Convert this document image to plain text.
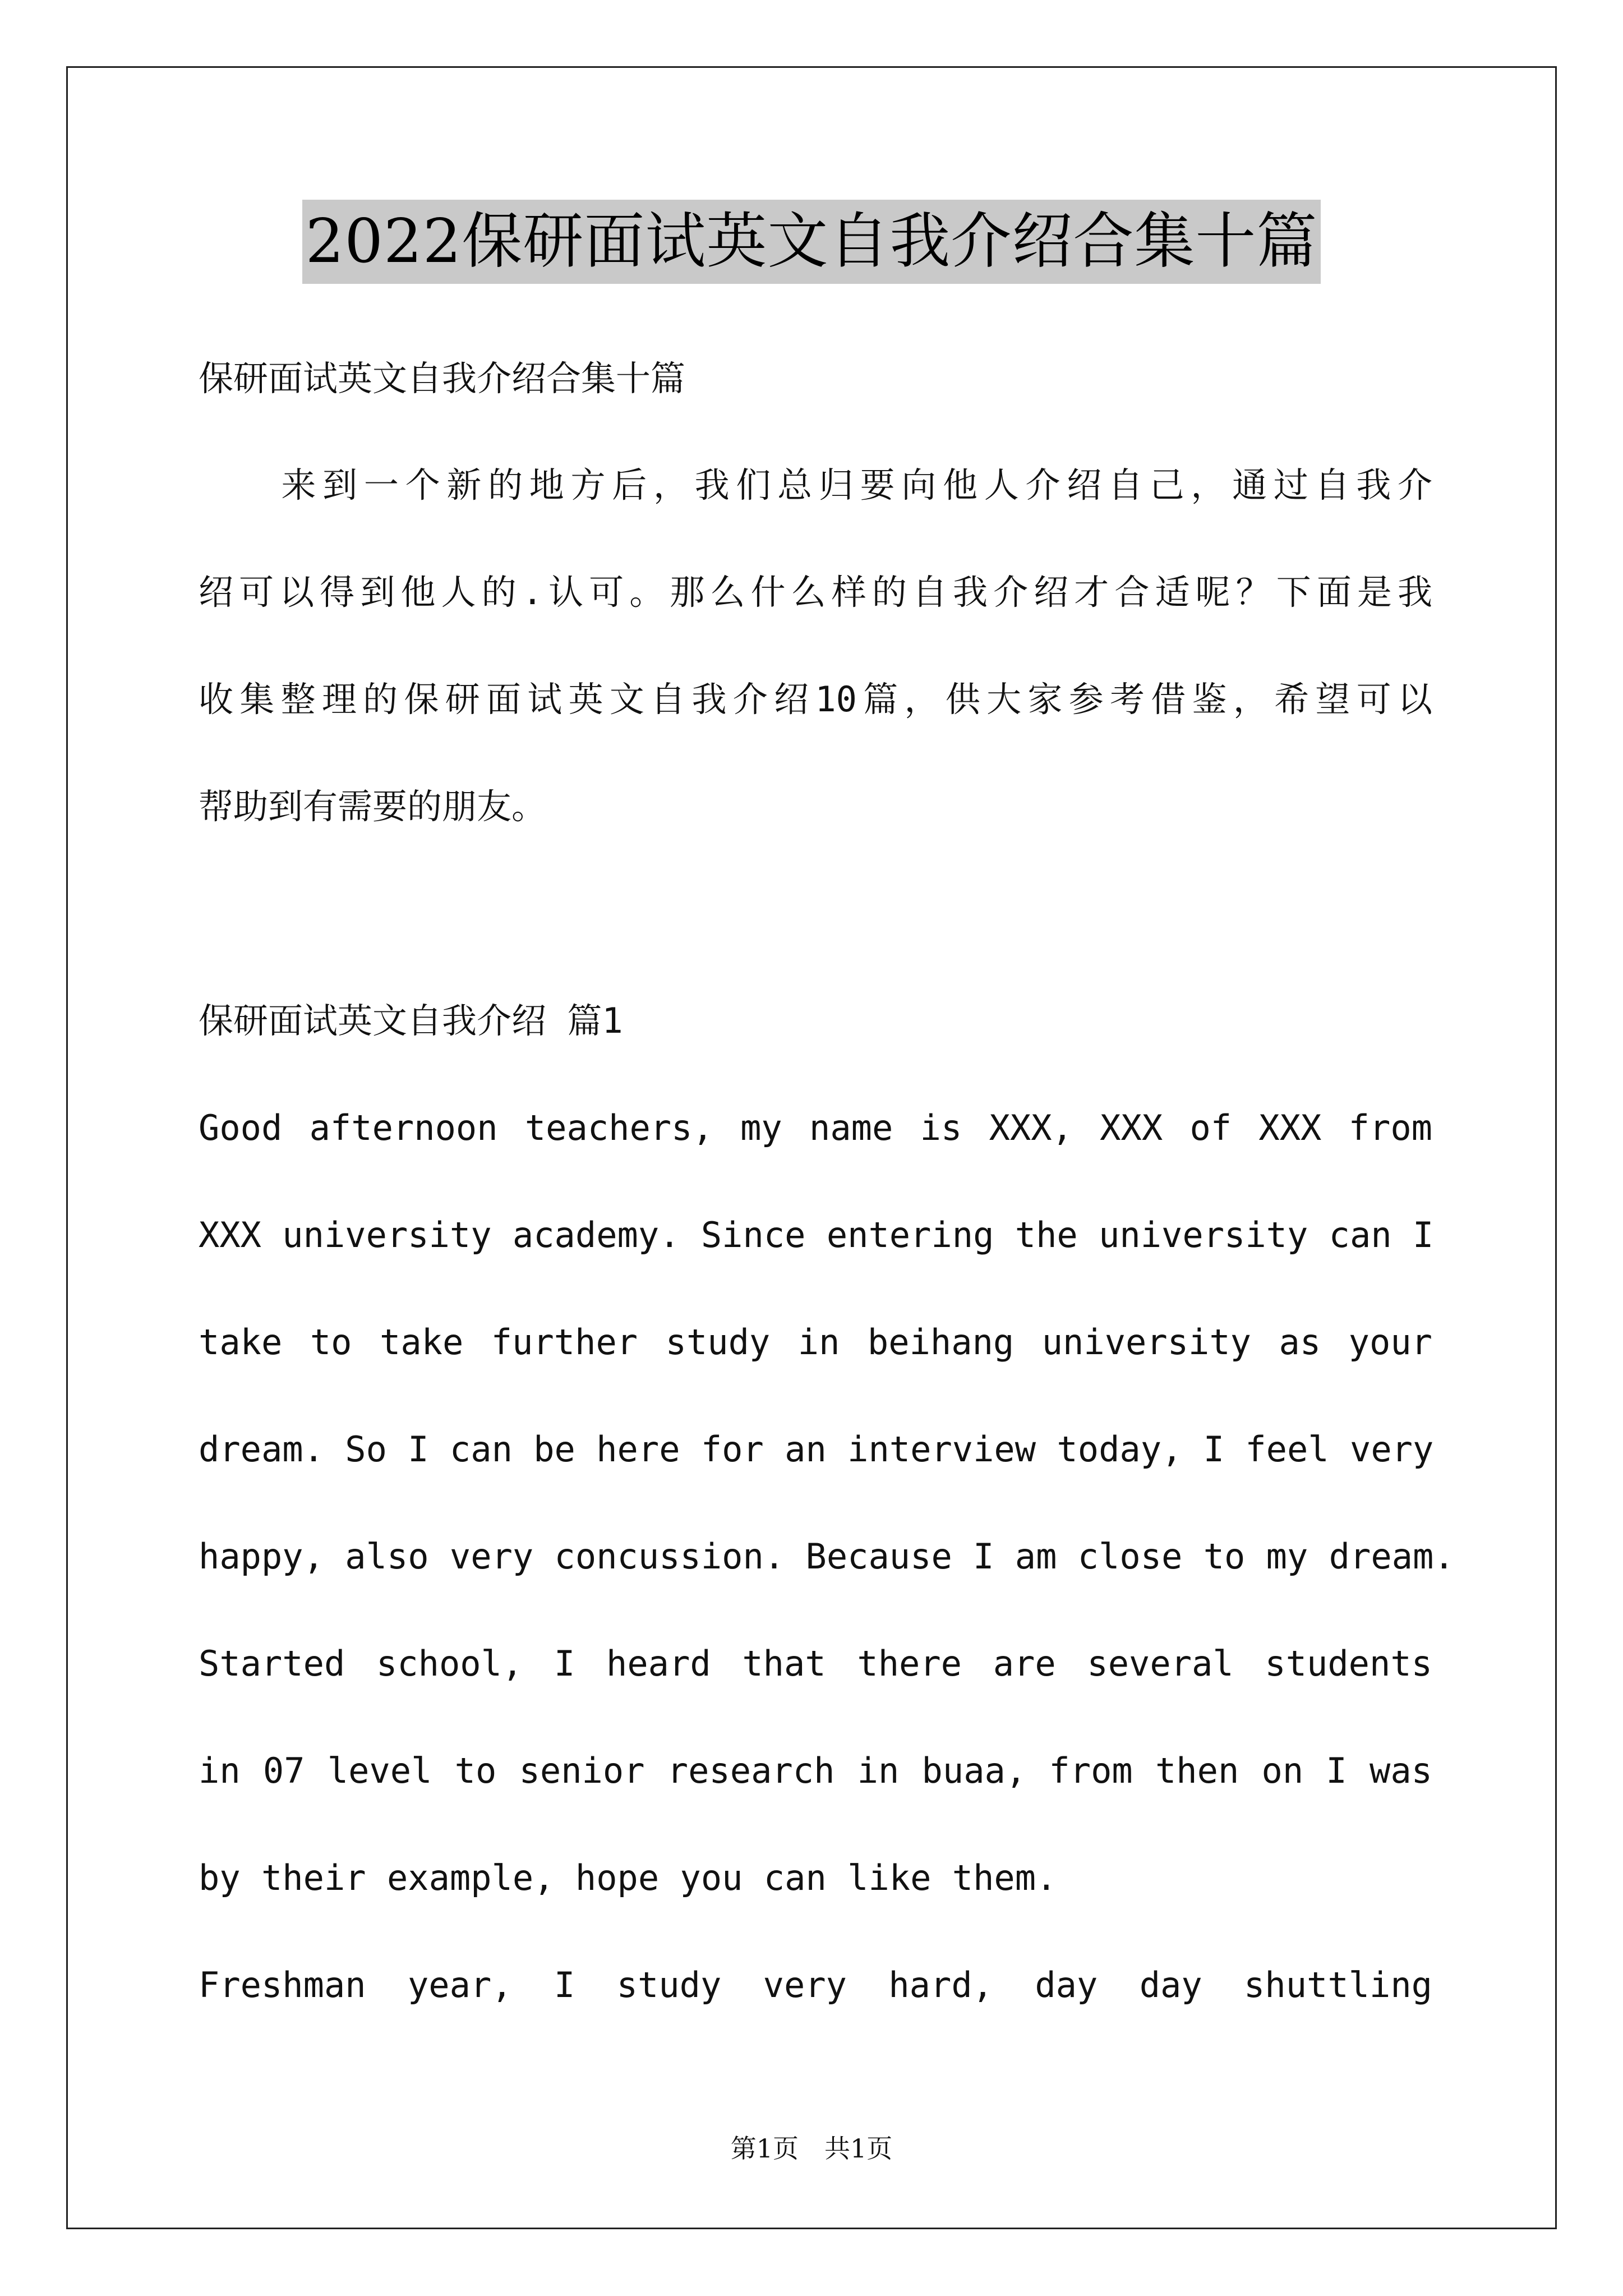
2022保研面试英文自我介绍合集十篇
保研面试英文自我介绍合集十篇
　　来到一个新的地方后，我们总归要向他人介绍自己，通过自我介
绍可以得到他人的.认可。那么什么样的自我介绍才合适呢？下面是我
收集整理的保研面试英文自我介绍10篇，供大家参考借鉴，希望可以
帮助到有需要的朋友。
保研面试英文自我介绍 篇1
Good afternoon teachers, my name is XXX, XXX of XXX from
XXX university academy. Since entering the university can I
take to take further study in beihang university as your
dream. So I can be here for an interview today, I feel very
happy, also very concussion. Because I am close to my dream.
Started school, I heard that there are several students
in 07 level to senior research in buaa, from then on I was
by their example, hope you can like them.
Freshman year, I study very hard, day day shuttling
第1页　共1页
